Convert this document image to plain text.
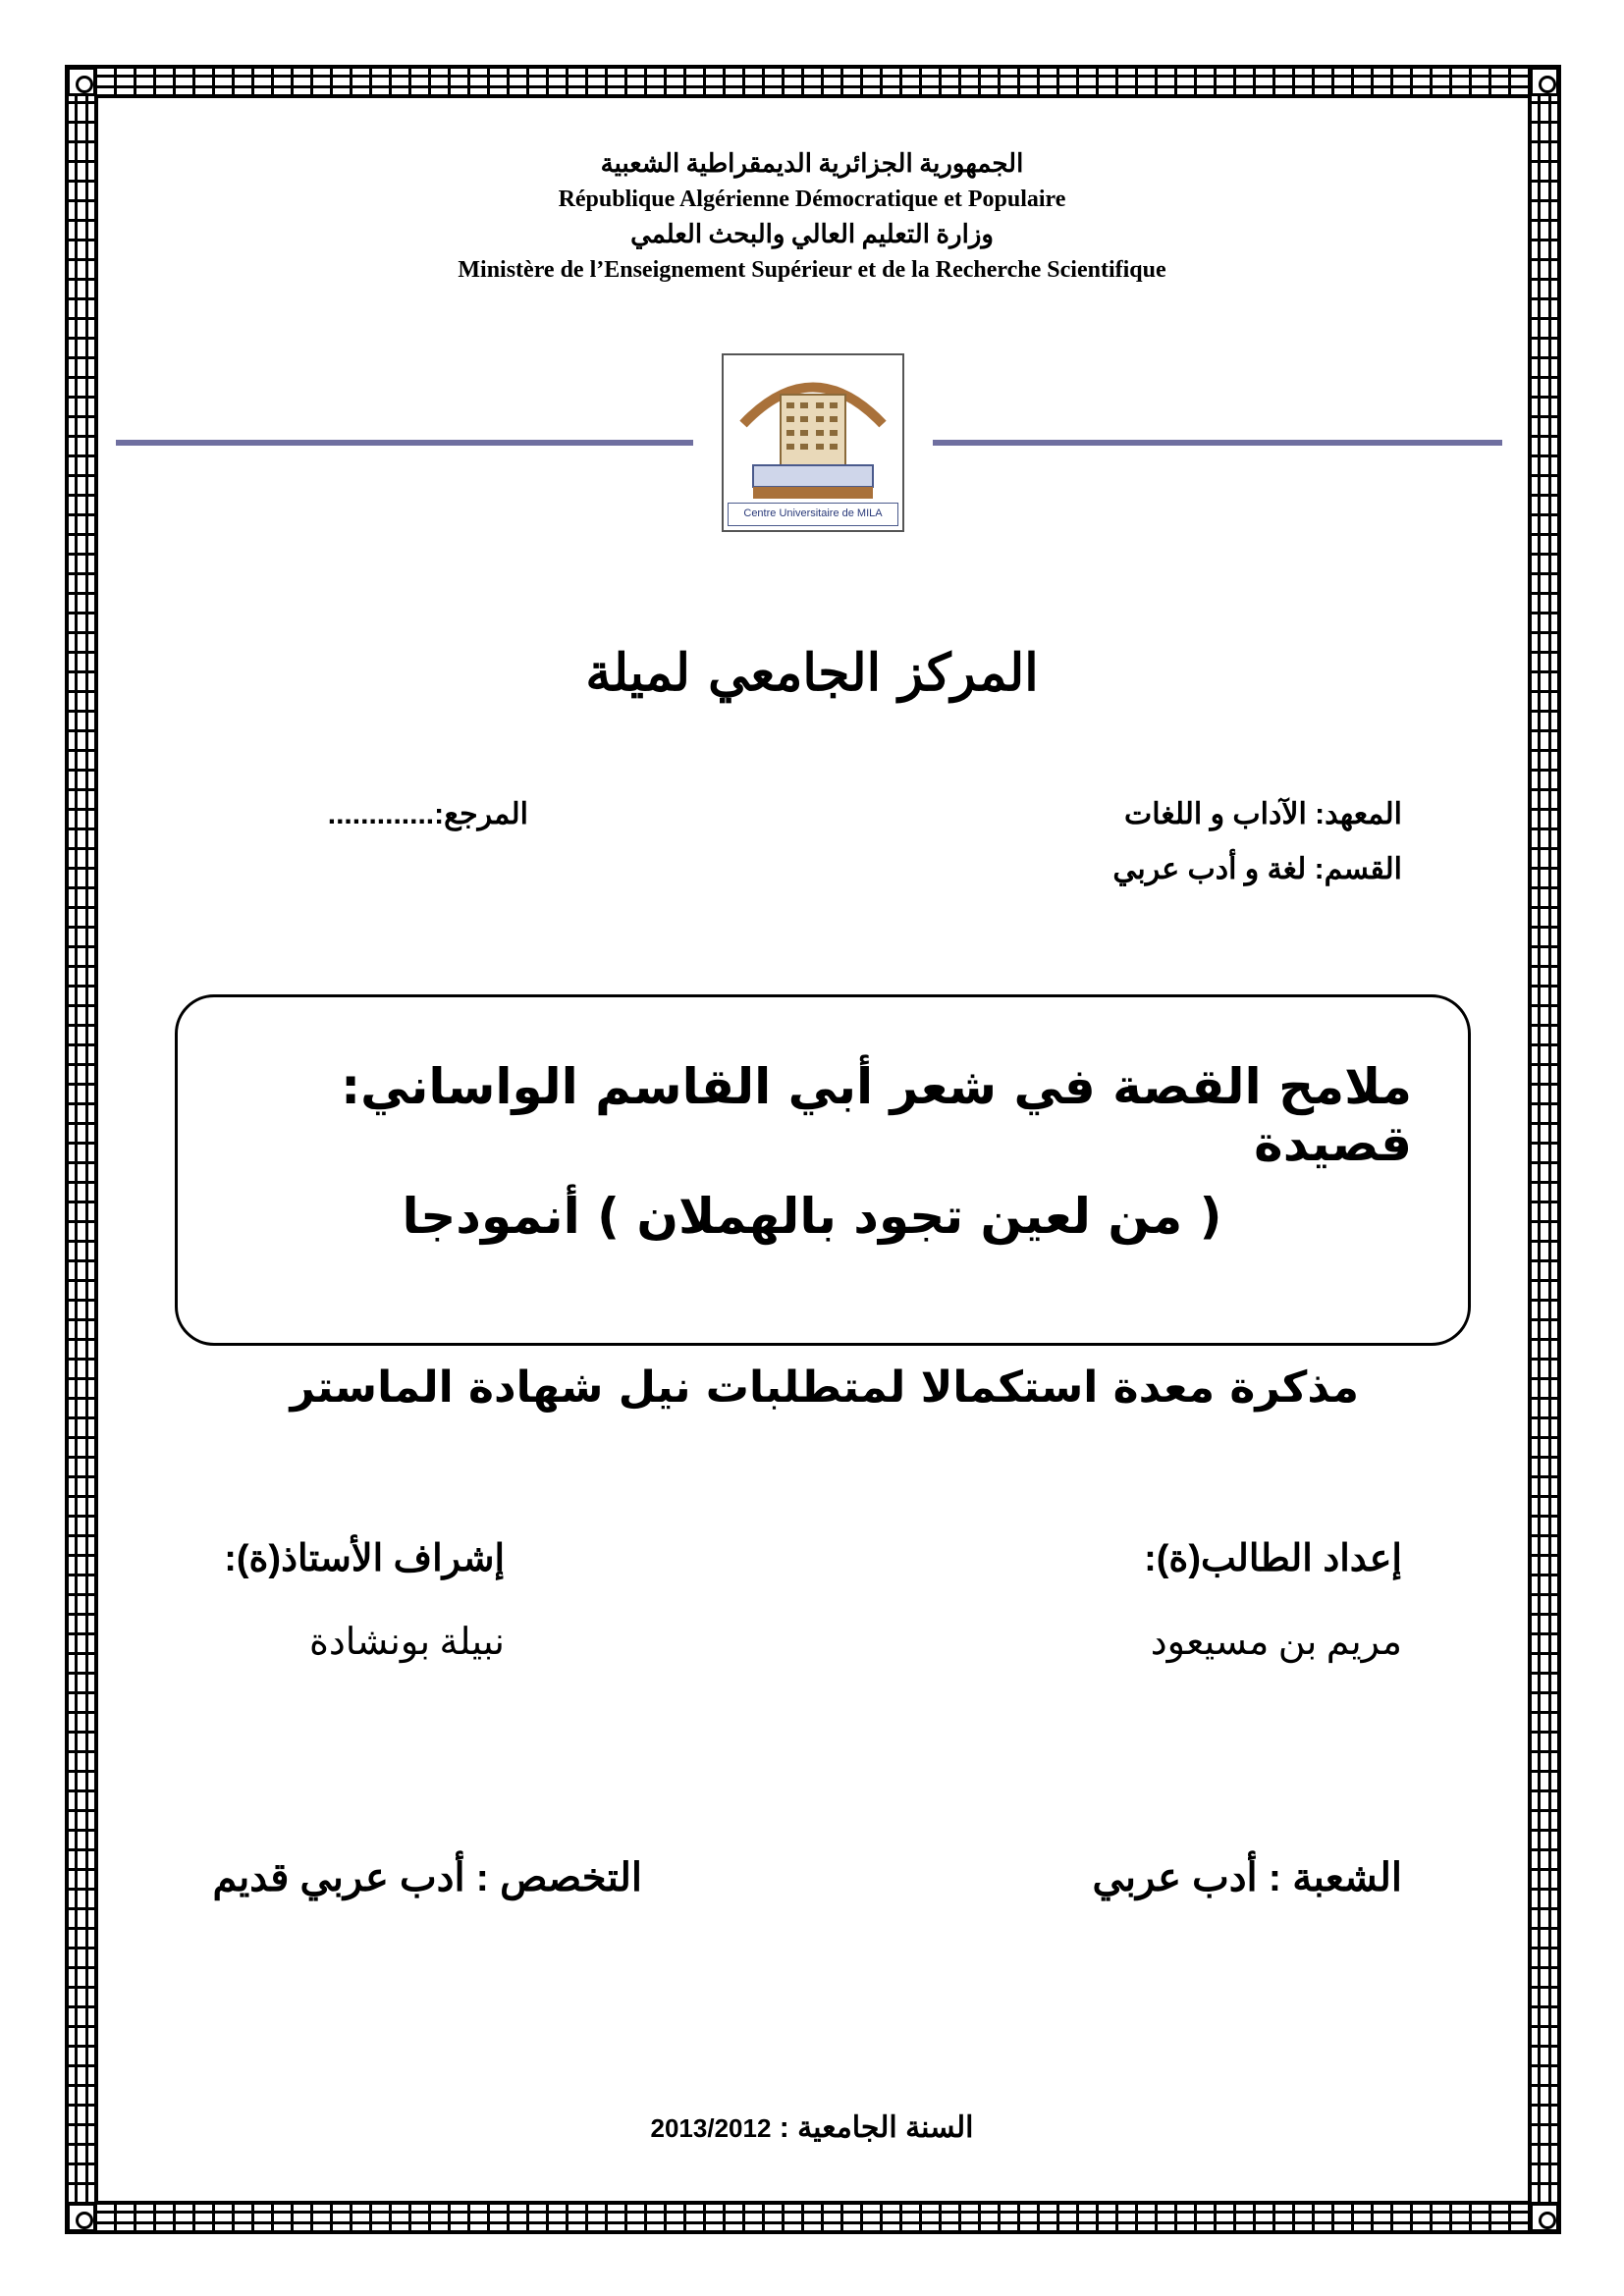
الجمهورية الجزائرية الديمقراطية الشعبية
République Algérienne Démocratique et Populaire
وزارة التعليم العالي والبحث العلمي
Ministère de l’Enseignement Supérieur et de la Recherche Scientifique
Centre Universitaire de MILA
المركز الجامعي لميلة
المعهد: الآداب و اللغات
القسم: لغة و أدب عربي
المرجع:.............
ملامح القصة في شعر أبي القاسم الواساني: قصيدة
( من لعين تجود بالهملان ) أنمودجا
مذكرة معدة استكمالا لمتطلبات نيل شهادة الماستر
إعداد الطالب(ة):
مريم بن مسيعود
إشراف الأستاذ(ة):
نبيلة بونشادة
الشعبة : أدب عربي
التخصص : أدب عربي قديم
السنة الجامعية : 2013/2012
